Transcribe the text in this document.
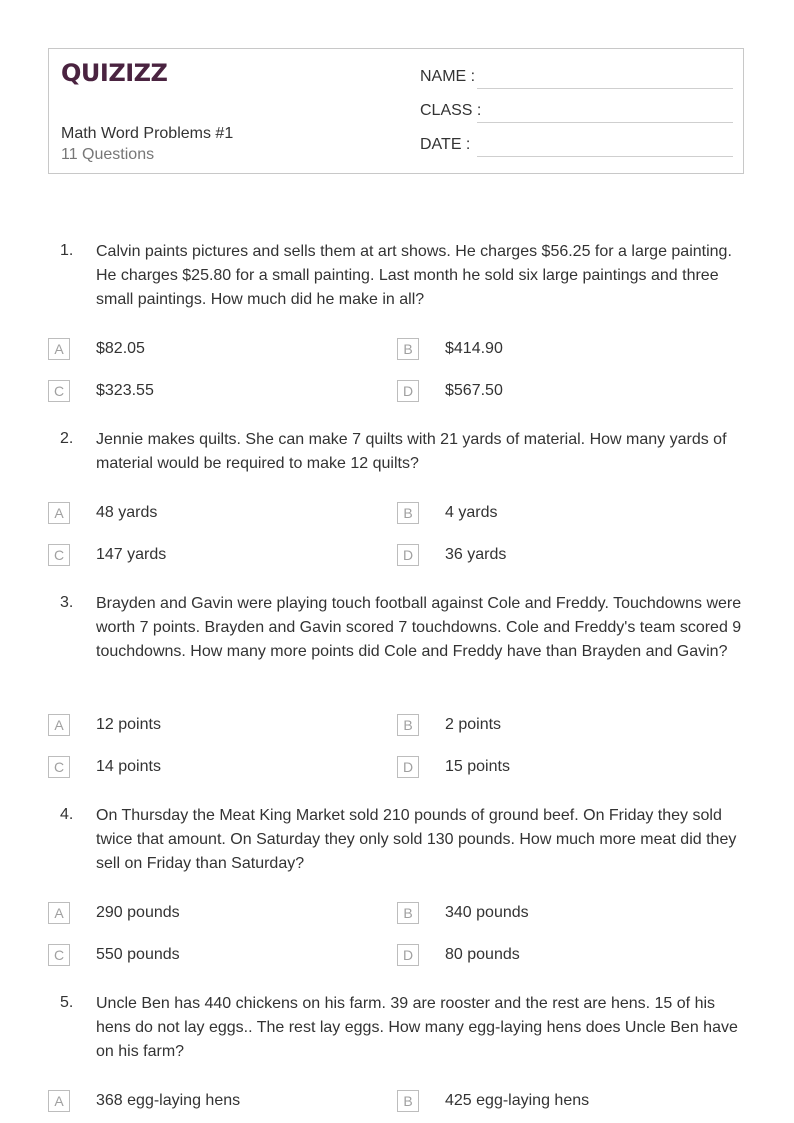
QUIZIZZ
Math Word Problems #1
11 Questions
NAME :
CLASS :
DATE :
1. Calvin paints pictures and sells them at art shows. He charges $56.25 for a large painting. He charges $25.80 for a small painting. Last month he sold six large paintings and three small paintings. How much did he make in all?
A	$82.05	B	$414.90
C	$323.55	D	$567.50
2. Jennie makes quilts. She can make 7 quilts with 21 yards of material. How many yards of material would be required to make 12 quilts?
A	48 yards	B	4 yards
C	147 yards	D	36 yards
3. Brayden and Gavin were playing touch football against Cole and Freddy. Touchdowns were worth 7 points. Brayden and Gavin scored 7 touchdowns. Cole and Freddy's team scored 9 touchdowns. How many more points did Cole and Freddy have than Brayden and Gavin?
A	12 points	B	2 points
C	14 points	D	15 points
4. On Thursday the Meat King Market sold 210 pounds of ground beef. On Friday they sold twice that amount. On Saturday they only sold 130 pounds. How much more meat did they sell on Friday than Saturday?
A	290 pounds	B	340 pounds
C	550 pounds	D	80 pounds
5. Uncle Ben has 440 chickens on his farm. 39 are rooster and the rest are hens. 15 of his hens do not lay eggs.. The rest lay eggs. How many egg-laying hens does Uncle Ben have on his farm?
A	368 egg-laying hens	B	425 egg-laying hens
